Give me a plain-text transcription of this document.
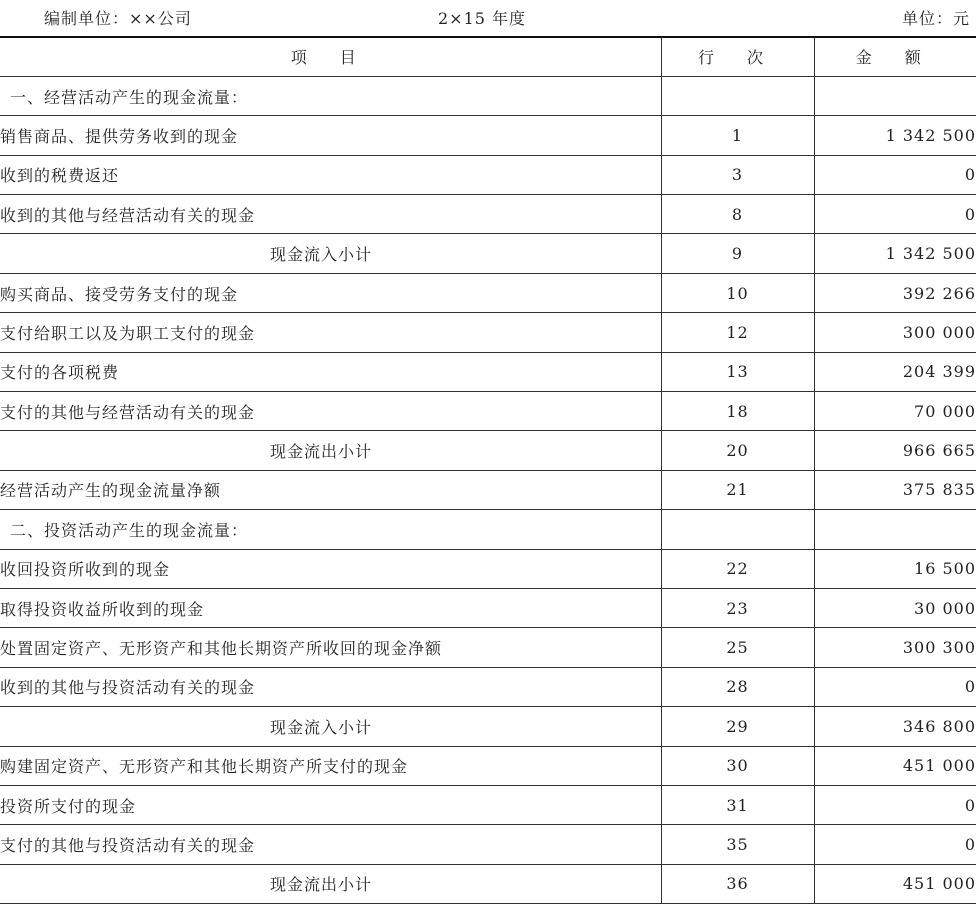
编制单位：××公司	2×15 年度	单位：元
项 目	行 次	金 额
一、经营活动产生的现金流量：		
销售商品、提供劳务收到的现金	1	1 342 500
收到的税费返还	3	0
收到的其他与经营活动有关的现金	8	0
现金流入小计	9	1 342 500
购买商品、接受劳务支付的现金	10	392 266
支付给职工以及为职工支付的现金	12	300 000
支付的各项税费	13	204 399
支付的其他与经营活动有关的现金	18	70 000
现金流出小计	20	966 665
经营活动产生的现金流量净额	21	375 835
二、投资活动产生的现金流量：		
收回投资所收到的现金	22	16 500
取得投资收益所收到的现金	23	30 000
处置固定资产、无形资产和其他长期资产所收回的现金净额	25	300 300
收到的其他与投资活动有关的现金	28	0
现金流入小计	29	346 800
购建固定资产、无形资产和其他长期资产所支付的现金	30	451 000
投资所支付的现金	31	0
支付的其他与投资活动有关的现金	35	0
现金流出小计	36	451 000
